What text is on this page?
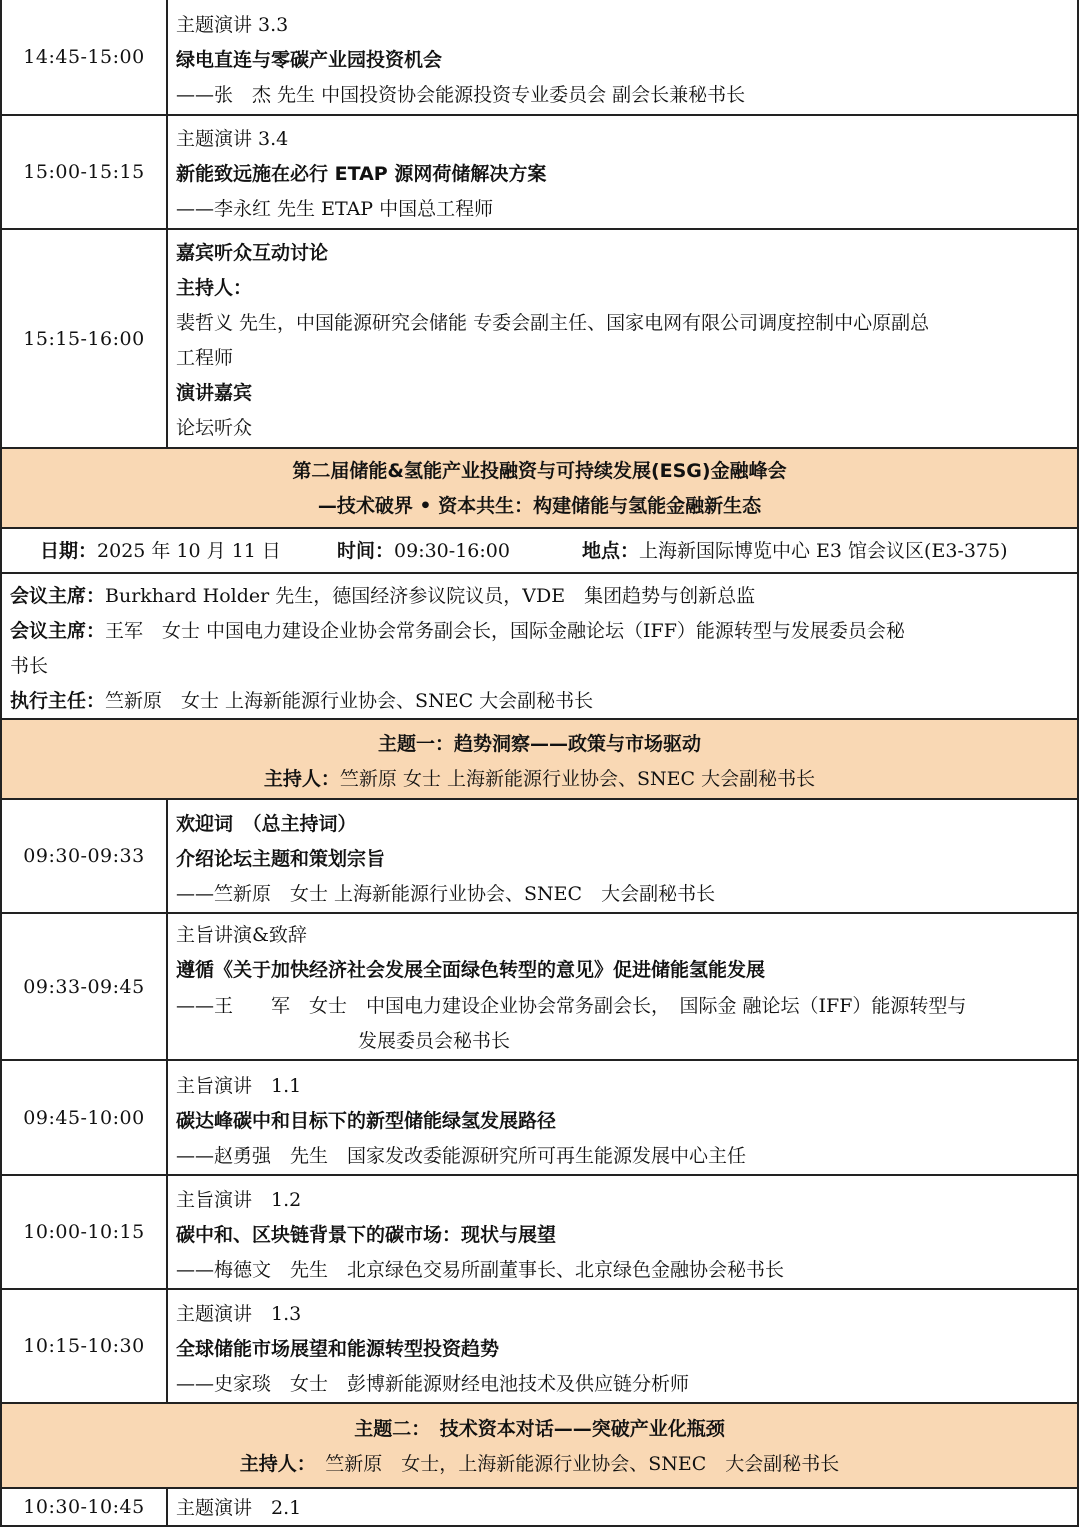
14:45-15:00
主题演讲 3.3
绿电直连与零碳产业园投资机会
——张　杰 先生 中国投资协会能源投资专业委员会 副会长兼秘书长
15:00-15:15
主题演讲 3.4
新能致远施在必行 ETAP 源网荷储解决方案
——李永红 先生 ETAP 中国总工程师
15:15-16:00
嘉宾听众互动讨论
主持人：
裴哲义 先生，中国能源研究会储能 专委会副主任、国家电网有限公司调度控制中心原副总
工程师
演讲嘉宾
论坛听众
第二届储能&氢能产业投融资与可持续发展(ESG)金融峰会
—技术破界 • 资本共生：构建储能与氢能金融新生态
日期：2025 年 10 月 11 日	时间：09:30-16:00	地点：上海新国际博览中心 E3 馆会议区(E3-375)
会议主席：Burkhard Holder 先生，德国经济参议院议员，VDE　集团趋势与创新总监
会议主席：王军　女士 中国电力建设企业协会常务副会长，国际金融论坛（IFF）能源转型与发展委员会秘
书长
执行主任：竺新原　女士 上海新能源行业协会、SNEC 大会副秘书长
主题一：趋势洞察——政策与市场驱动
主持人：竺新原 女士 上海新能源行业协会、SNEC 大会副秘书长
09:30-09:33
欢迎词　（总主持词）
介绍论坛主题和策划宗旨
——竺新原　女士 上海新能源行业协会、SNEC　大会副秘书长
09:33-09:45
主旨讲演&致辞
遵循《关于加快经济社会发展全面绿色转型的意见》促进储能氢能发展
——王　　军　女士　中国电力建设企业协会常务副会长，　国际金 融论坛（IFF）能源转型与
发展委员会秘书长
09:45-10:00
主旨演讲　1.1
碳达峰碳中和目标下的新型储能绿氢发展路径
——赵勇强　先生　国家发改委能源研究所可再生能源发展中心主任
10:00-10:15
主旨演讲　1.2
碳中和、区块链背景下的碳市场：现状与展望
——梅德文　先生　北京绿色交易所副董事长、北京绿色金融协会秘书长
10:15-10:30
主题演讲　1.3
全球储能市场展望和能源转型投资趋势
——史家琰　女士　彭博新能源财经电池技术及供应链分析师
主题二：　技术资本对话——突破产业化瓶颈
主持人：　竺新原　女士，上海新能源行业协会、SNEC　大会副秘书长
10:30-10:45	主题演讲　2.1
